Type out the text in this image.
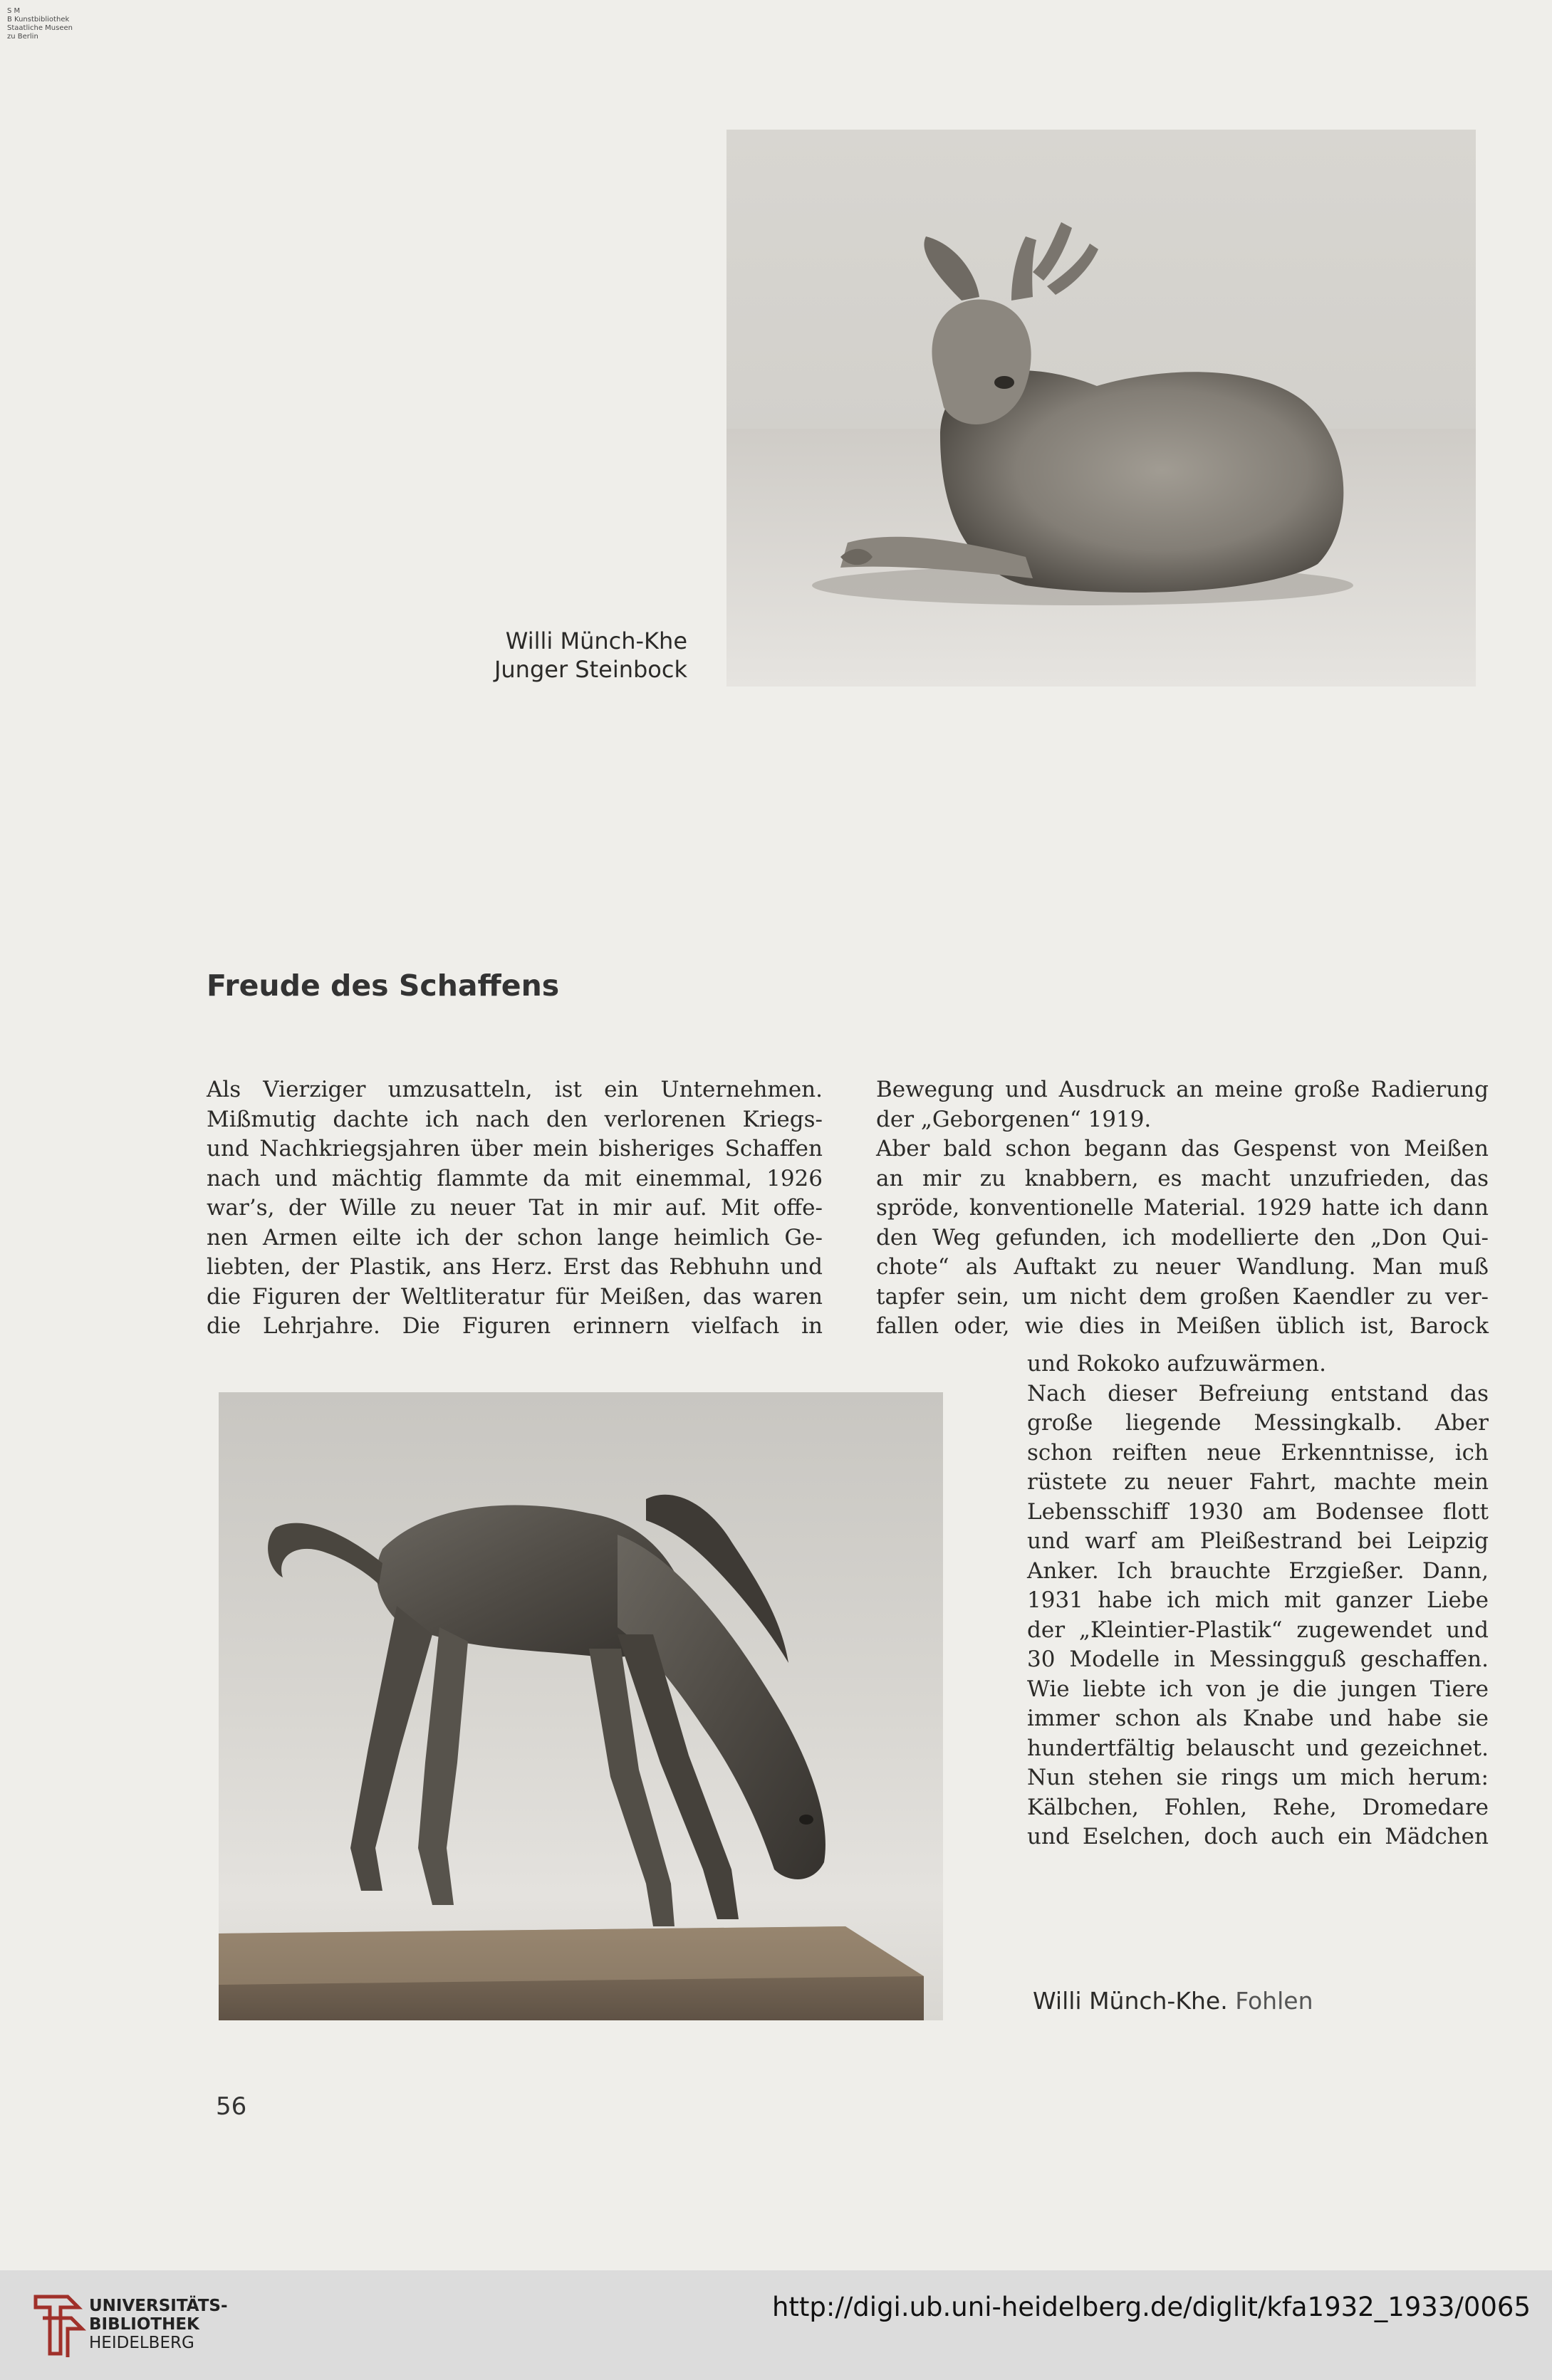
S M
B Kunstbibliothek
Staatliche Museen
zu Berlin
Willi Münch-Khe
Junger Steinbock
Freude des Schaffens
Als Vierziger umzusatteln, ist ein Unternehmen.
Mißmutig dachte ich nach den verlorenen Kriegs-
und Nachkriegsjahren über mein bisheriges Schaffen
nach und mächtig flammte da mit einemmal, 1926
war’s, der Wille zu neuer Tat in mir auf. Mit offe-
nen Armen eilte ich der schon lange heimlich Ge-
liebten, der Plastik, ans Herz. Erst das Rebhuhn und
die Figuren der Weltliteratur für Meißen, das waren
die Lehrjahre. Die Figuren erinnern vielfach in
Bewegung und Ausdruck an meine große Radierung
der „Geborgenen“ 1919.
Aber bald schon begann das Gespenst von Meißen
an mir zu knabbern, es macht unzufrieden, das
spröde, konventionelle Material. 1929 hatte ich dann
den Weg gefunden, ich modellierte den „Don Qui-
chote“ als Auftakt zu neuer Wandlung. Man muß
tapfer sein, um nicht dem großen Kaendler zu ver-
fallen oder, wie dies in Meißen üblich ist, Barock
und Rokoko aufzuwärmen.
Nach dieser Befreiung entstand das
große liegende Messingkalb. Aber
schon reiften neue Erkenntnisse, ich
rüstete zu neuer Fahrt, machte mein
Lebensschiff 1930 am Bodensee flott
und warf am Pleißestrand bei Leipzig
Anker. Ich brauchte Erzgießer. Dann,
1931 habe ich mich mit ganzer Liebe
der „Kleintier-Plastik“ zugewendet und
30 Modelle in Messingguß geschaffen.
Wie liebte ich von je die jungen Tiere
immer schon als Knabe und habe sie
hundertfältig belauscht und gezeichnet.
Nun stehen sie rings um mich herum:
Kälbchen, Fohlen, Rehe, Dromedare
und Eselchen, doch auch ein Mädchen
Willi Münch-Khe. Fohlen
56
UNIVERSITÄTS-
BIBLIOTHEK
HEIDELBERG
http://digi.ub.uni-heidelberg.de/diglit/kfa1932_1933/0065
